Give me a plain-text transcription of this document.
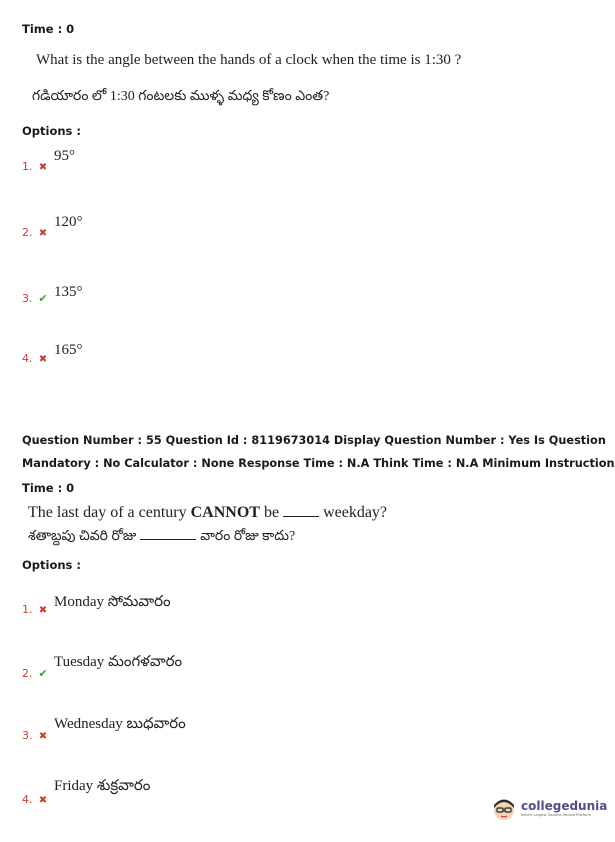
Time : 0
What is the angle between the hands of a clock when the time is 1:30 ?
గడియారం లో 1:30 గంటలకు ముళ్ళ మధ్య కోణం ఎంత?
Options :
1. ✖
95°
2. ✖
120°
3. ✔ 135°
4. ✖
165°
Question Number : 55 Question Id : 8119673014 Display Question Number : Yes Is Question
Mandatory : No Calculator : None Response Time : N.A Think Time : N.A Minimum Instruction
Time : 0
The last day of a century CANNOT be	weekday?
శతాబ్దపు చివరి రోజు	వారం రోజు కాదు?
Options :
1. ✖
Monday సోమవారం
2. ✔
Tuesday మంగళవారం
3. ✖
Wednesday బుధవారం
4. ✖
Friday శుక్రవారం
collegedunia
India's Largest Student Review Platform
